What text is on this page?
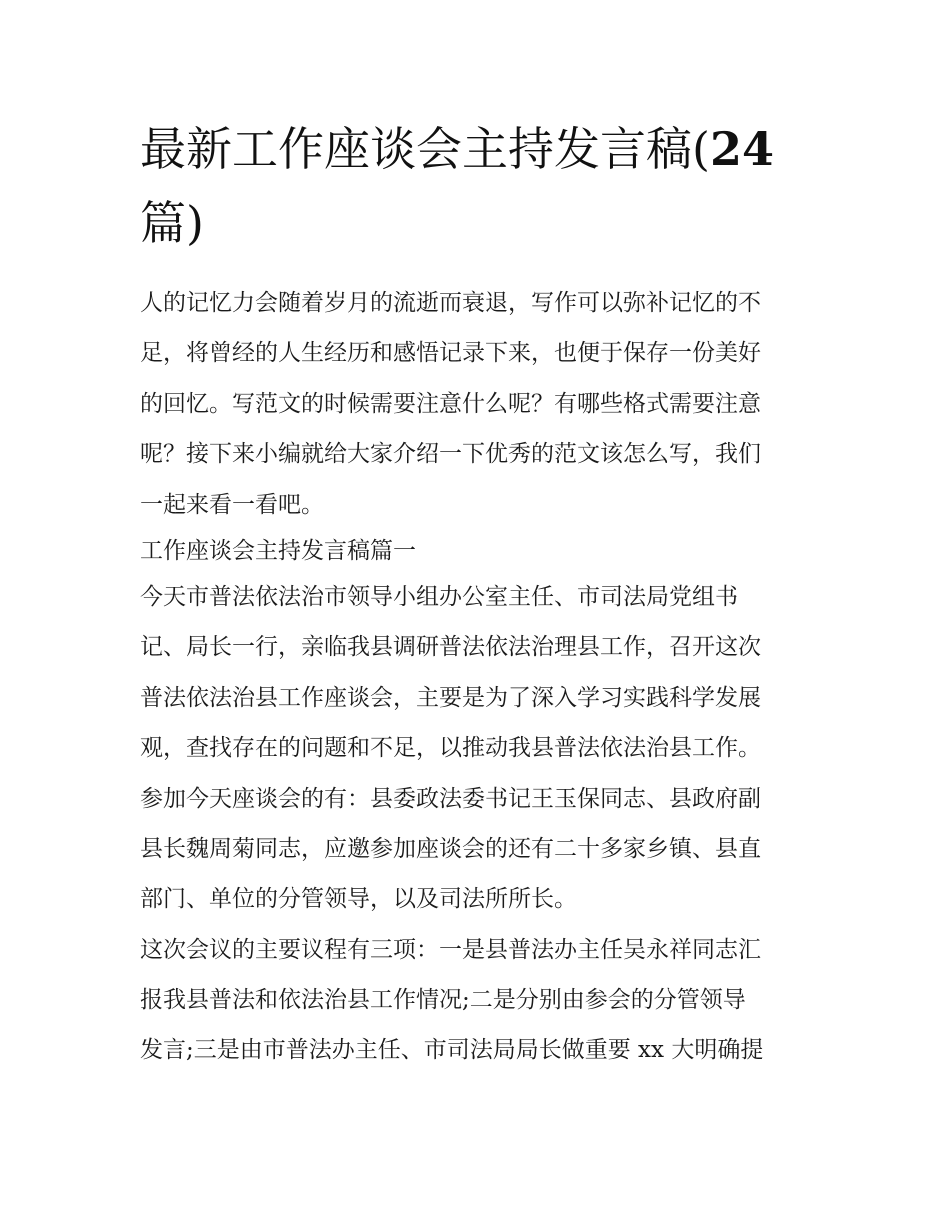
最新工作座谈会主持发言稿(24
篇)
人的记忆力会随着岁月的流逝而衰退，写作可以弥补记忆的不
足，将曾经的人生经历和感悟记录下来，也便于保存一份美好
的回忆。写范文的时候需要注意什么呢？有哪些格式需要注意
呢？接下来小编就给大家介绍一下优秀的范文该怎么写，我们
一起来看一看吧。
工作座谈会主持发言稿篇一
今天市普法依法治市领导小组办公室主任、市司法局党组书
记、局长一行，亲临我县调研普法依法治理县工作，召开这次
普法依法治县工作座谈会，主要是为了深入学习实践科学发展
观，查找存在的问题和不足，以推动我县普法依法治县工作。
参加今天座谈会的有：县委政法委书记王玉保同志、县政府副
县长魏周菊同志，应邀参加座谈会的还有二十多家乡镇、县直
部门、单位的分管领导，以及司法所所长。
这次会议的主要议程有三项：一是县普法办主任吴永祥同志汇
报我县普法和依法治县工作情况;二是分别由参会的分管领导
发言;三是由市普法办主任、市司法局局长做重要 xx 大明确提
